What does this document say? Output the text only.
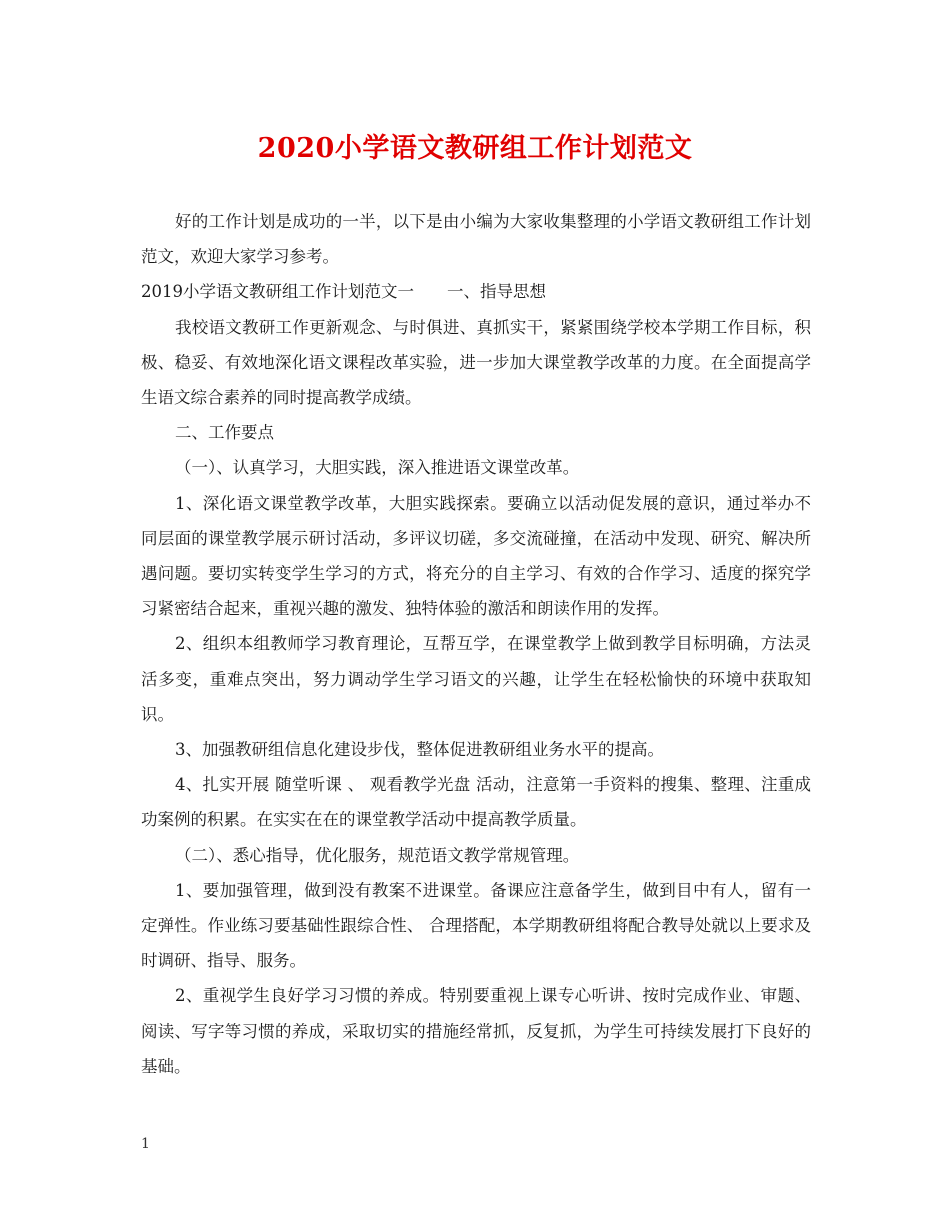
2020小学语文教研组工作计划范文

好的工作计划是成功的一半，以下是由小编为大家收集整理的小学语文教研组工作计划范文，欢迎大家学习参考。

2019小学语文教研组工作计划范文一　　一、指导思想

我校语文教研工作更新观念、与时俱进、真抓实干，紧紧围绕学校本学期工作目标，积极、稳妥、有效地深化语文课程改革实验，进一步加大课堂教学改革的力度。在全面提高学生语文综合素养的同时提高教学成绩。

二、工作要点

（一）、认真学习，大胆实践，深入推进语文课堂改革。

1、深化语文课堂教学改革，大胆实践探索。要确立以活动促发展的意识，通过举办不同层面的课堂教学展示研讨活动，多评议切磋，多交流碰撞，在活动中发现、研究、解决所遇问题。要切实转变学生学习的方式，将充分的自主学习、有效的合作学习、适度的探究学习紧密结合起来，重视兴趣的激发、独特体验的激活和朗读作用的发挥。

2、组织本组教师学习教育理论，互帮互学，在课堂教学上做到教学目标明确，方法灵活多变，重难点突出，努力调动学生学习语文的兴趣，让学生在轻松愉快的环境中获取知识。

3、加强教研组信息化建设步伐，整体促进教研组业务水平的提高。

4、扎实开展 随堂听课 、 观看教学光盘 活动，注意第一手资料的搜集、整理、注重成功案例的积累。在实实在在的课堂教学活动中提高教学质量。

（二）、悉心指导，优化服务，规范语文教学常规管理。

1、要加强管理，做到没有教案不进课堂。备课应注意备学生，做到目中有人，留有一定弹性。作业练习要基础性跟综合性、 合理搭配，本学期教研组将配合教导处就以上要求及时调研、指导、服务。

2、重视学生良好学习习惯的养成。特别要重视上课专心听讲、按时完成作业、审题、阅读、写字等习惯的养成，采取切实的措施经常抓，反复抓，为学生可持续发展打下良好的基础。

1
